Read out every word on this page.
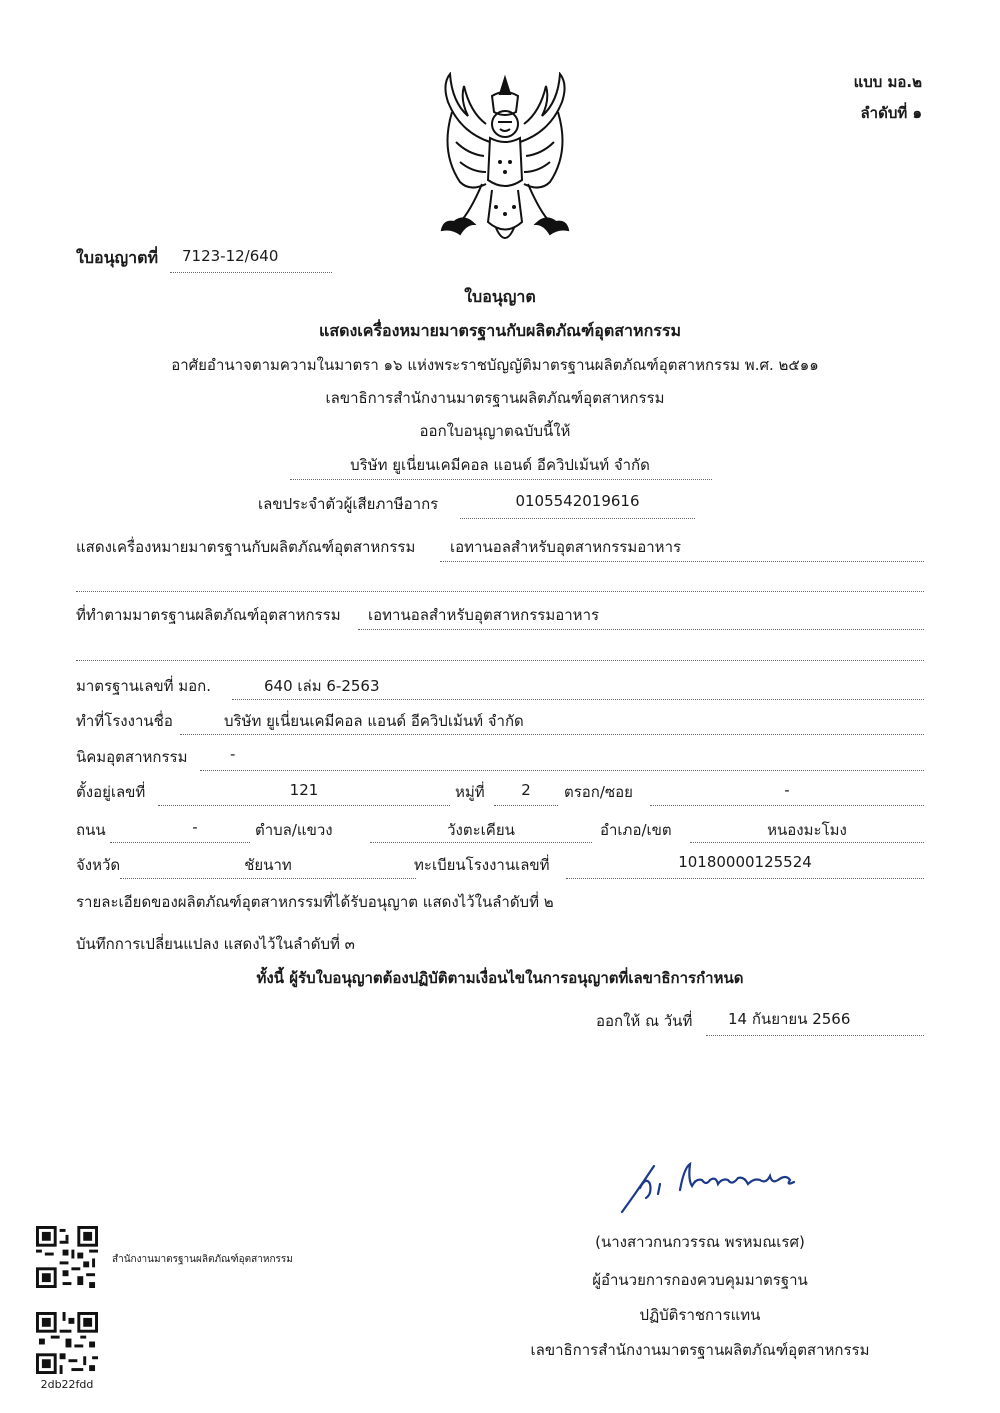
แบบ มอ.๒
ลำดับที่ ๑
ใบอนุญาตที่ 7123-12/640
ใบอนุญาต
แสดงเครื่องหมายมาตรฐานกับผลิตภัณฑ์อุตสาหกรรม
อาศัยอำนาจตามความในมาตรา ๑๖ แห่งพระราชบัญญัติมาตรฐานผลิตภัณฑ์อุตสาหกรรม พ.ศ. ๒๕๑๑
เลขาธิการสำนักงานมาตรฐานผลิตภัณฑ์อุตสาหกรรม
ออกใบอนุญาตฉบับนี้ให้
บริษัท ยูเนี่ยนเคมีคอล แอนด์ อีควิปเม้นท์ จำกัด
เลขประจำตัวผู้เสียภาษีอากร	0105542019616
แสดงเครื่องหมายมาตรฐานกับผลิตภัณฑ์อุตสาหกรรม เอทานอลสำหรับอุตสาหกรรมอาหาร
ที่ทำตามมาตรฐานผลิตภัณฑ์อุตสาหกรรม เอทานอลสำหรับอุตสาหกรรมอาหาร
มาตรฐานเลขที่ มอก.	640 เล่ม 6-2563
ทำที่โรงงานชื่อ	บริษัท ยูเนี่ยนเคมีคอล แอนด์ อีควิปเม้นท์ จำกัด
นิคมอุตสาหกรรม	-
ตั้งอยู่เลขที่	121	หมู่ที่	2	ตรอก/ซอย	-
ถนน	-	ตำบล/แขวง	วังตะเคียน	อำเภอ/เขต	หนองมะโมง
จังหวัด	ชัยนาท	ทะเบียนโรงงานเลขที่	10180000125524
รายละเอียดของผลิตภัณฑ์อุตสาหกรรมที่ได้รับอนุญาต แสดงไว้ในลำดับที่ ๒
บันทึกการเปลี่ยนแปลง แสดงไว้ในลำดับที่ ๓
ทั้งนี้ ผู้รับใบอนุญาตต้องปฏิบัติตามเงื่อนไขในการอนุญาตที่เลขาธิการกำหนด
ออกให้ ณ วันที่ 14 กันยายน 2566
(นางสาวกนกวรรณ พรหมณเรศ)
ผู้อำนวยการกองควบคุมมาตรฐาน
ปฏิบัติราชการแทน
เลขาธิการสำนักงานมาตรฐานผลิตภัณฑ์อุตสาหกรรม
สำนักงานมาตรฐานผลิตภัณฑ์อุตสาหกรรม
2db22fdd
